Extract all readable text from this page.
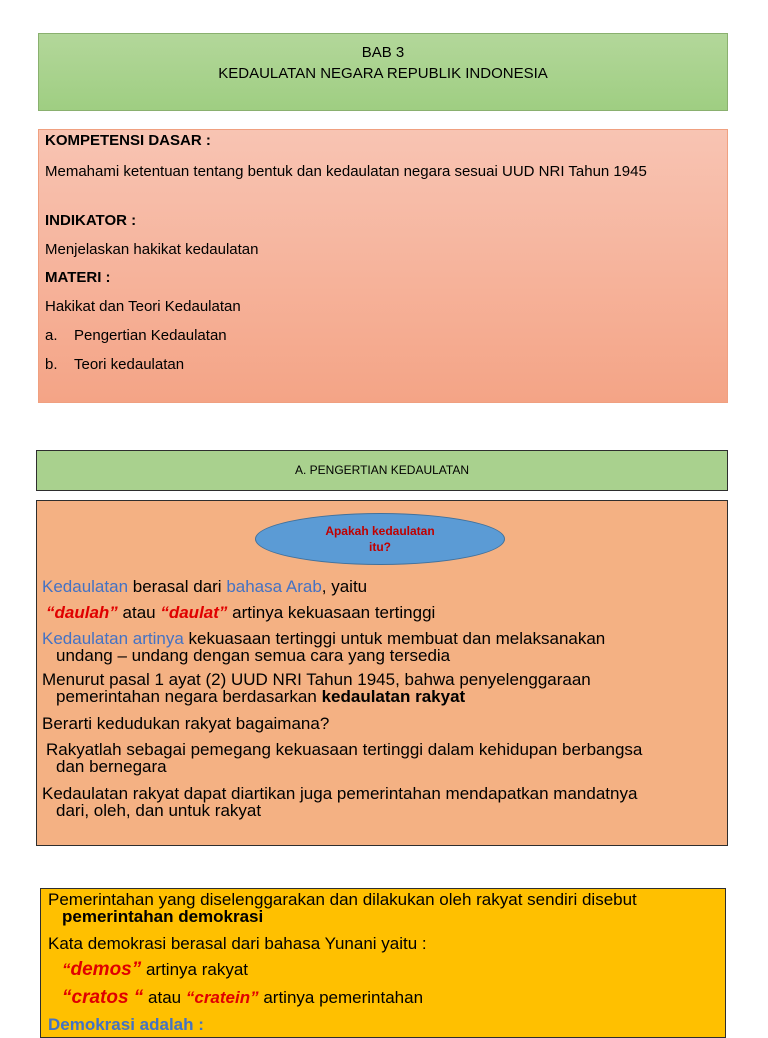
BAB 3
KEDAULATAN NEGARA REPUBLIK INDONESIA
KOMPETENSI DASAR :
Memahami ketentuan tentang bentuk dan kedaulatan negara sesuai UUD NRI Tahun 1945
INDIKATOR :
Menjelaskan hakikat kedaulatan
MATERI :
Hakikat dan Teori Kedaulatan
a. Pengertian Kedaulatan
b. Teori kedaulatan
A. PENGERTIAN KEDAULATAN
Apakah kedaulatan itu?
Kedaulatan berasal dari bahasa Arab, yaitu
“daulah” atau “daulat” artinya kekuasaan tertinggi
Kedaulatan artinya kekuasaan tertinggi untuk membuat dan melaksanakan
undang – undang dengan semua cara yang tersedia
Menurut pasal 1 ayat (2) UUD NRI Tahun 1945, bahwa penyelenggaraan
pemerintahan negara berdasarkan kedaulatan rakyat
Berarti kedudukan rakyat bagaimana?
Rakyatlah sebagai pemegang kekuasaan tertinggi dalam kehidupan berbangsa
dan bernegara
Kedaulatan rakyat dapat diartikan juga pemerintahan mendapatkan mandatnya
dari, oleh, dan untuk rakyat
Pemerintahan yang diselenggarakan dan dilakukan oleh rakyat sendiri disebut
pemerintahan demokrasi
Kata demokrasi berasal dari bahasa Yunani yaitu :
“demos” artinya rakyat
“cratos “ atau “cratein” artinya pemerintahan
Demokrasi adalah :
